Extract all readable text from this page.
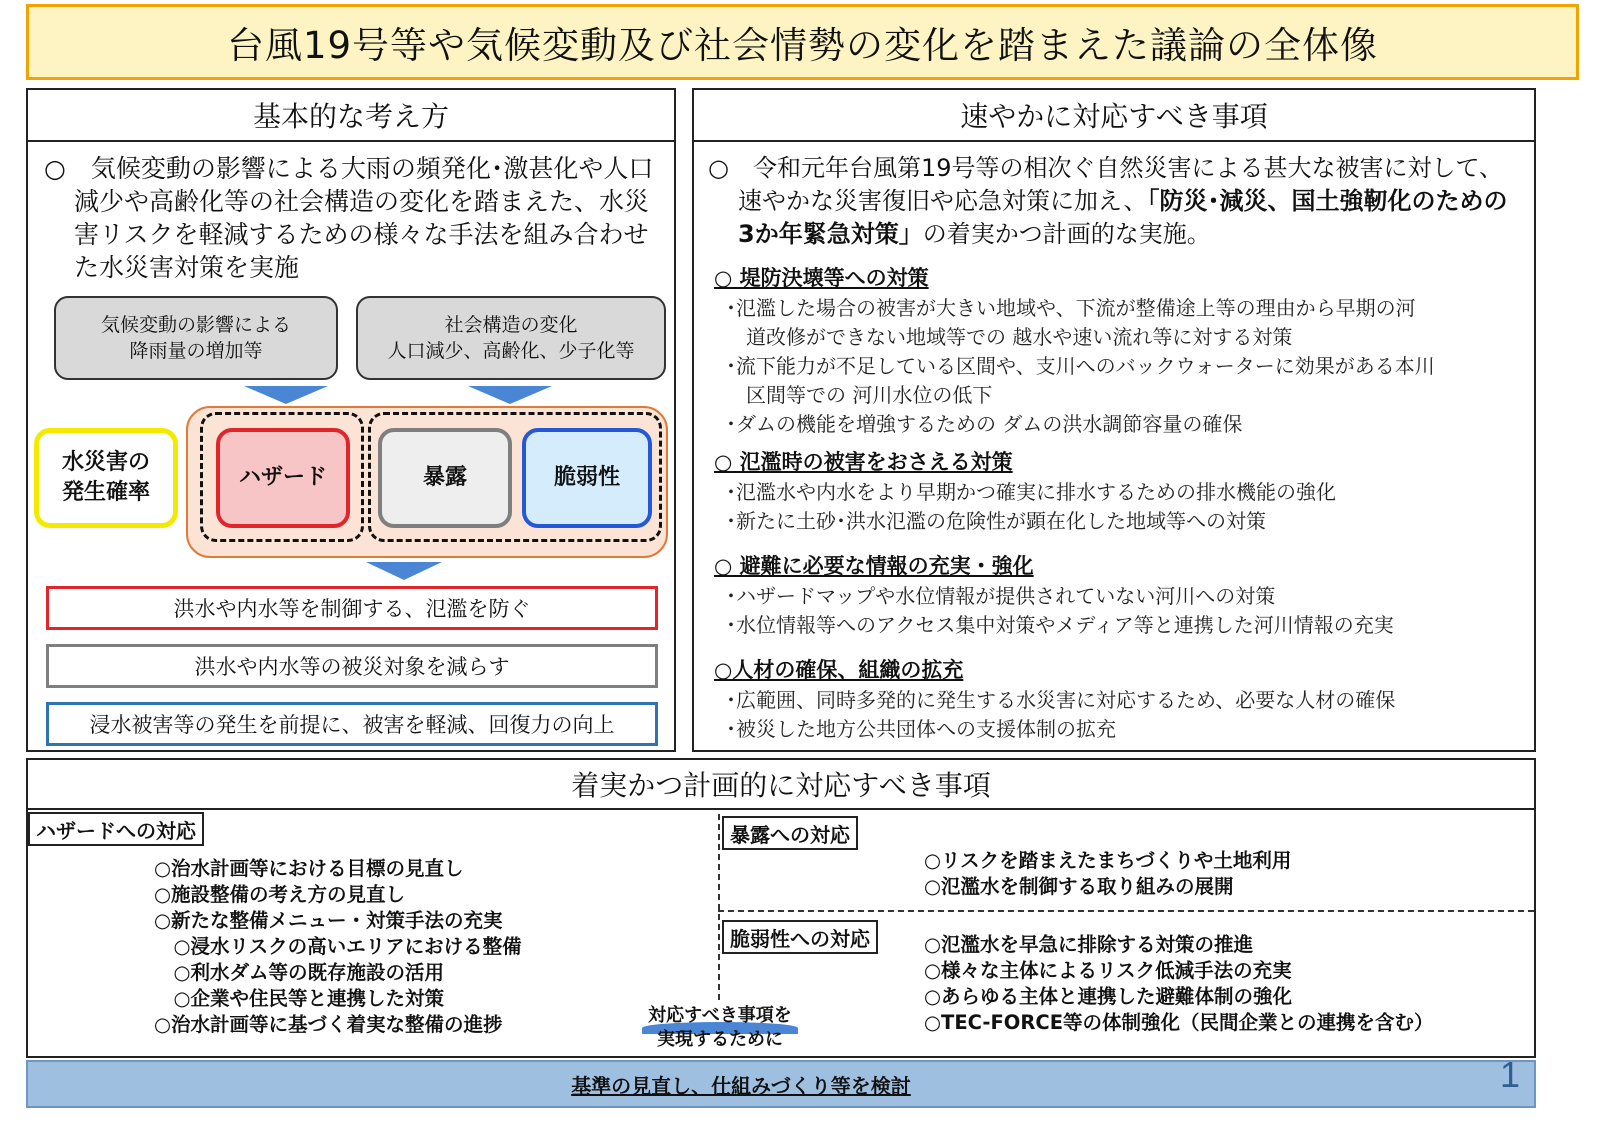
台風19号等や気候変動及び社会情勢の変化を踏まえた議論の全体像
基本的な考え方
○　気候変動の影響による大雨の頻発化･激甚化や人口減少や高齢化等の社会構造の変化を踏まえた、水災害リスクを軽減するための様々な手法を組み合わせた水災害対策を実施
気候変動の影響による
降雨量の増加等
社会構造の変化
人口減少、高齢化、少子化等
水災害の
発生確率
ハザード	暴露	脆弱性
洪水や内水等を制御する、氾濫を防ぐ
洪水や内水等の被災対象を減らす
浸水被害等の発生を前提に、被害を軽減、回復力の向上
速やかに対応すべき事項
○　令和元年台風第19号等の相次ぐ自然災害による甚大な被害に対して、速やかな災害復旧や応急対策に加え、「防災･減災、国土強靭化のための3か年緊急対策」の着実かつ計画的な実施。
○ 堤防決壊等への対策
･氾濫した場合の被害が大きい地域や、下流が整備途上等の理由から早期の河
　道改修ができない地域等での 越水や速い流れ等に対する対策
･流下能力が不足している区間や、支川へのバックウォーターに効果がある本川
　区間等での 河川水位の低下
･ダムの機能を増強するための ダムの洪水調節容量の確保
○ 氾濫時の被害をおさえる対策
･氾濫水や内水をより早期かつ確実に排水するための排水機能の強化
･新たに土砂･洪水氾濫の危険性が顕在化した地域等への対策
○ 避難に必要な情報の充実・強化
･ハザードマップや水位情報が提供されていない河川への対策
･水位情報等へのアクセス集中対策やメディア等と連携した河川情報の充実
○人材の確保、組織の拡充
･広範囲、同時多発的に発生する水災害に対応するため、必要な人材の確保
･被災した地方公共団体への支援体制の拡充
着実かつ計画的に対応すべき事項
ハザードへの対応
○治水計画等における目標の見直し
○施設整備の考え方の見直し
○新たな整備メニュー・対策手法の充実
　○浸水リスクの高いエリアにおける整備
　○利水ダム等の既存施設の活用
　○企業や住民等と連携した対策
○治水計画等に基づく着実な整備の進捗
暴露への対応
○リスクを踏まえたまちづくりや土地利用
○氾濫水を制御する取り組みの展開
脆弱性への対応	○氾濫水を早急に排除する対策の推進
○様々な主体によるリスク低減手法の充実
○あらゆる主体と連携した避難体制の強化
○TEC-FORCE等の体制強化（民間企業との連携を含む）
対応すべき事項を
実現するために
基準の見直し、仕組みづくり等を検討	1
